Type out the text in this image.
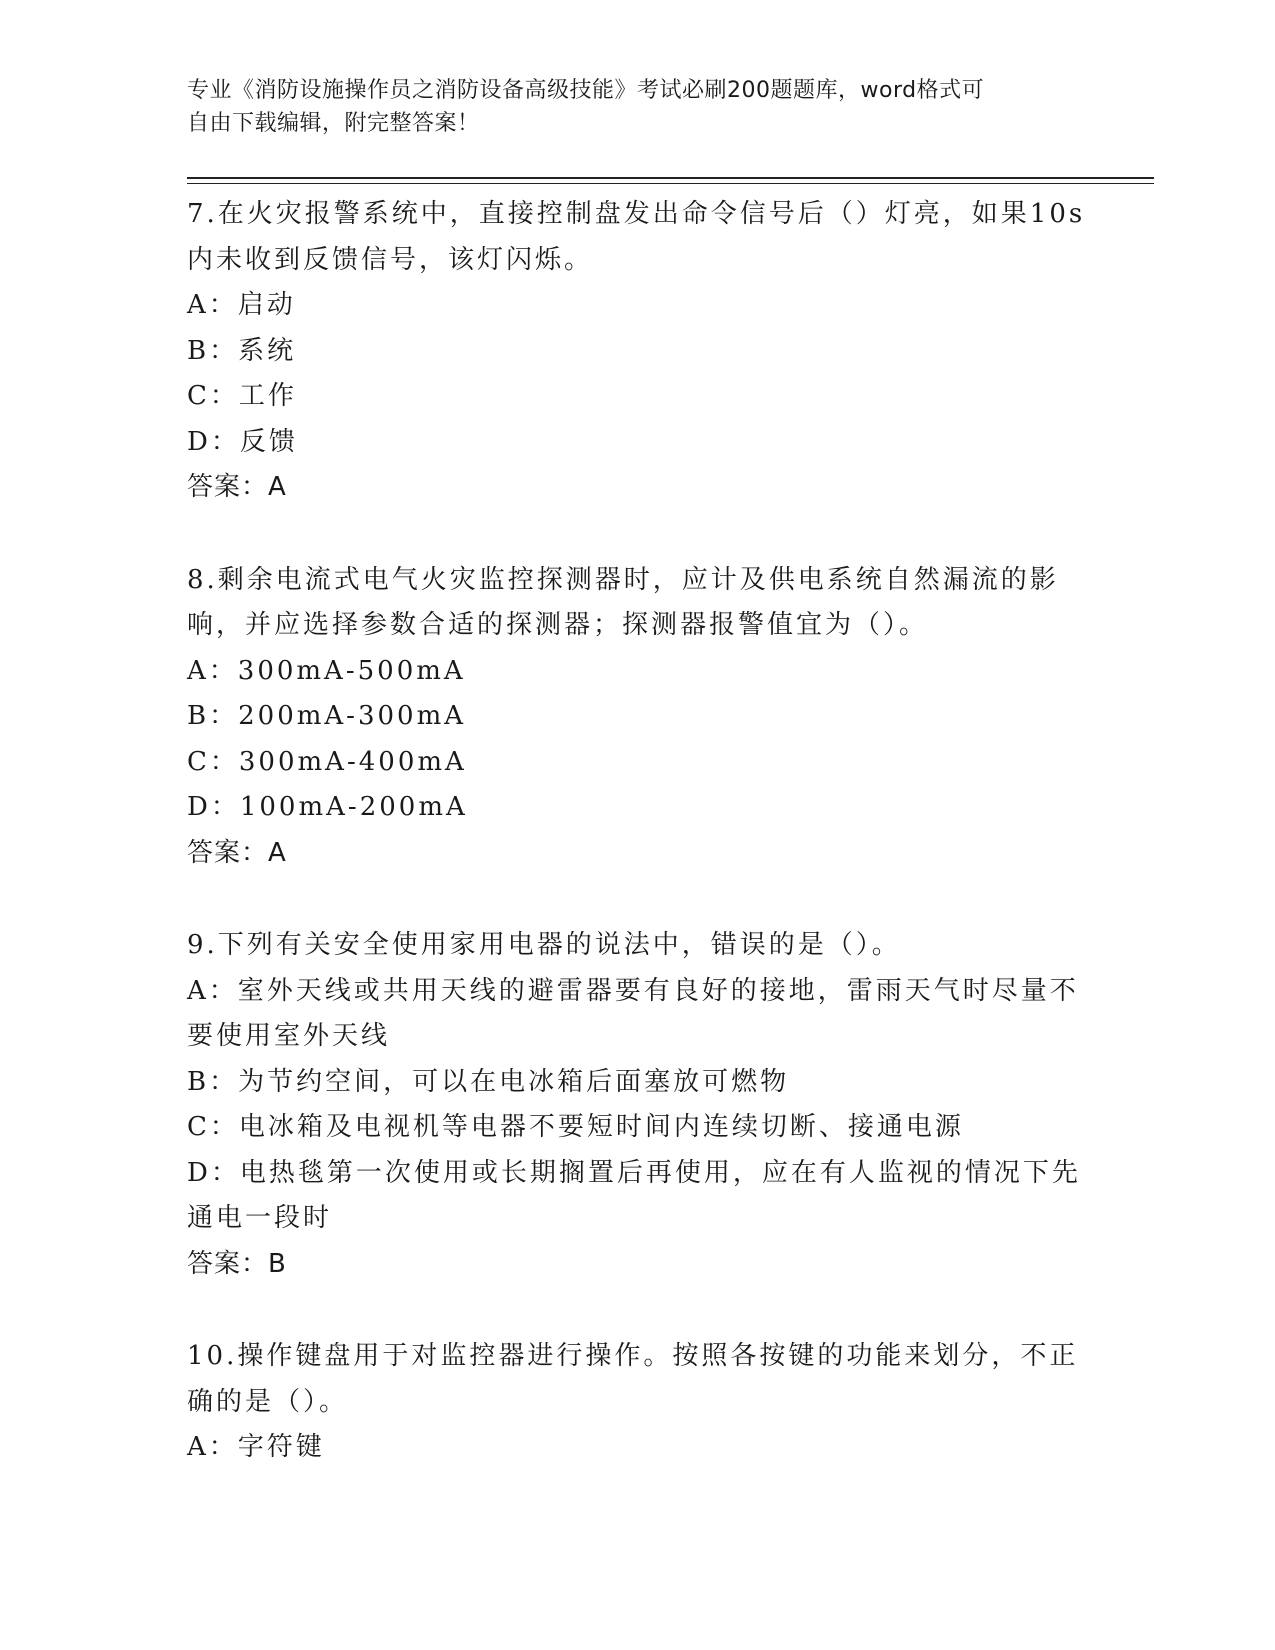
专业《消防设施操作员之消防设备高级技能》考试必刷200题题库，word格式可
自由下载编辑，附完整答案！
7.在火灾报警系统中，直接控制盘发出命令信号后（）灯亮，如果10s
内未收到反馈信号，该灯闪烁。
A：启动
B：系统
C：工作
D：反馈
答案：A
8.剩余电流式电气火灾监控探测器时，应计及供电系统自然漏流的影
响，并应选择参数合适的探测器；探测器报警值宜为（）。
A：300mA-500mA
B：200mA-300mA
C：300mA-400mA
D：100mA-200mA
答案：A
9.下列有关安全使用家用电器的说法中，错误的是（）。
A：室外天线或共用天线的避雷器要有良好的接地，雷雨天气时尽量不
要使用室外天线
B：为节约空间，可以在电冰箱后面塞放可燃物
C：电冰箱及电视机等电器不要短时间内连续切断、接通电源
D：电热毯第一次使用或长期搁置后再使用，应在有人监视的情况下先
通电一段时
答案：B
10.操作键盘用于对监控器进行操作。按照各按键的功能来划分，不正
确的是（）。
A：字符键
